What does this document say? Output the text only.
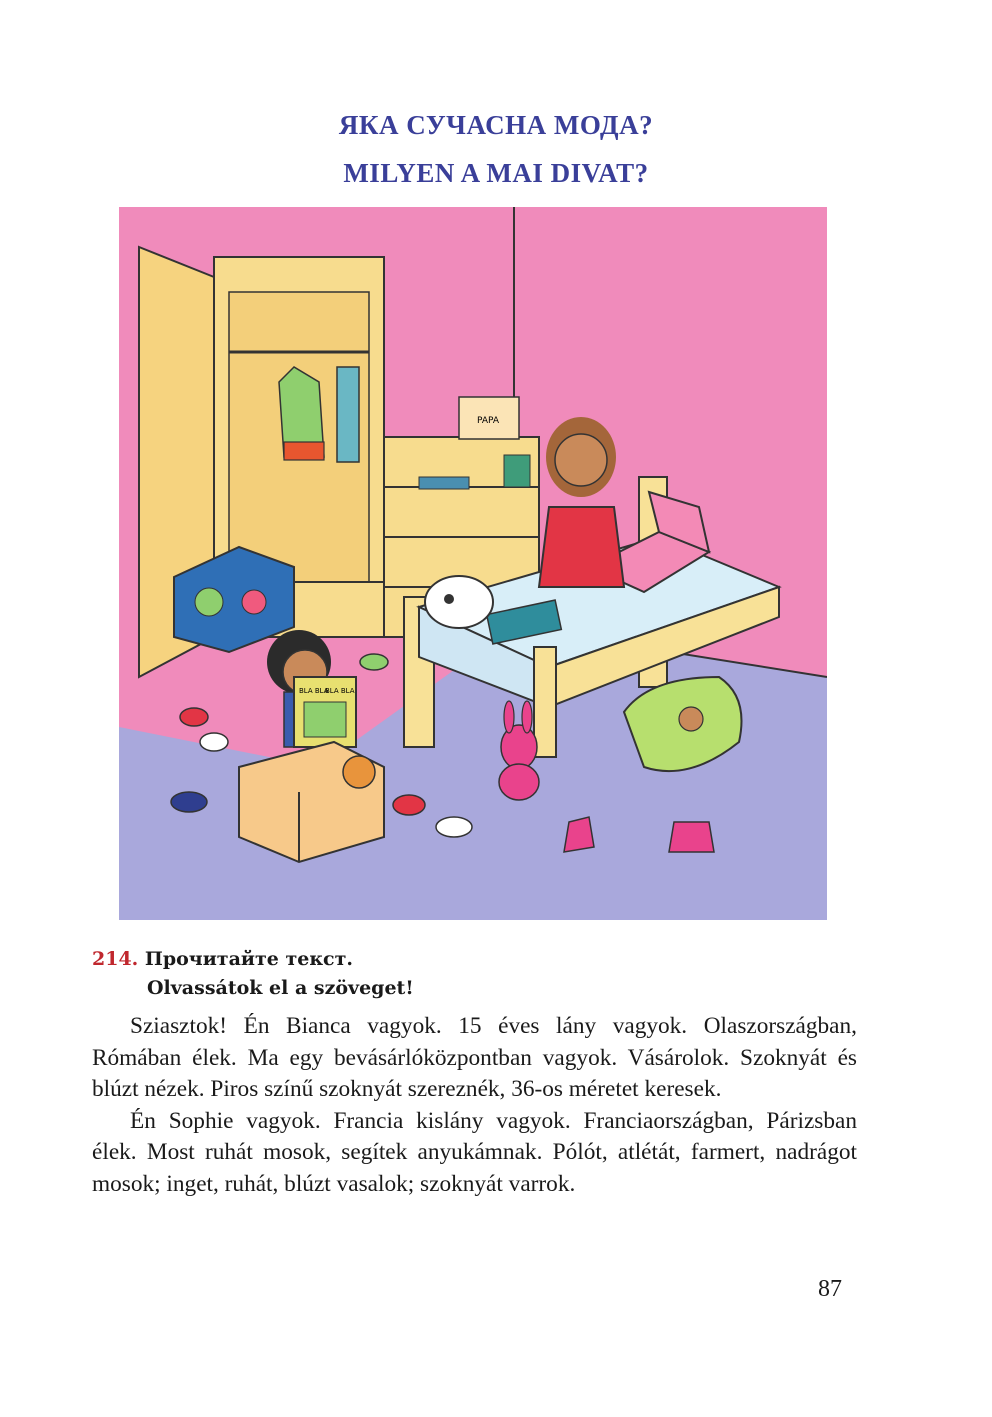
ЯКА СУЧАСНА МОДА?
MILYEN A MAI DIVAT?
PAPA
BLA BLA
BLA BLA
214. Прочитайте текст.
Olvassátok el a szöveget!

Sziasztok! Én Bianca vagyok. 15 éves lány vagyok. Olaszországban, Rómában élek. Ma egy bevásárlóközpontban vagyok. Vásárolok. Szoknyát és blúzt nézek. Piros színű szoknyát szereznék, 36-os méretet keresek.

Én Sophie vagyok. Francia kislány vagyok. Franciaországban, Párizsban élek. Most ruhát mosok, segítek anyukámnak. Pólót, atlétát, farmert, nadrágot mosok; inget, ruhát, blúzt vasalok; szoknyát varrok.

87
